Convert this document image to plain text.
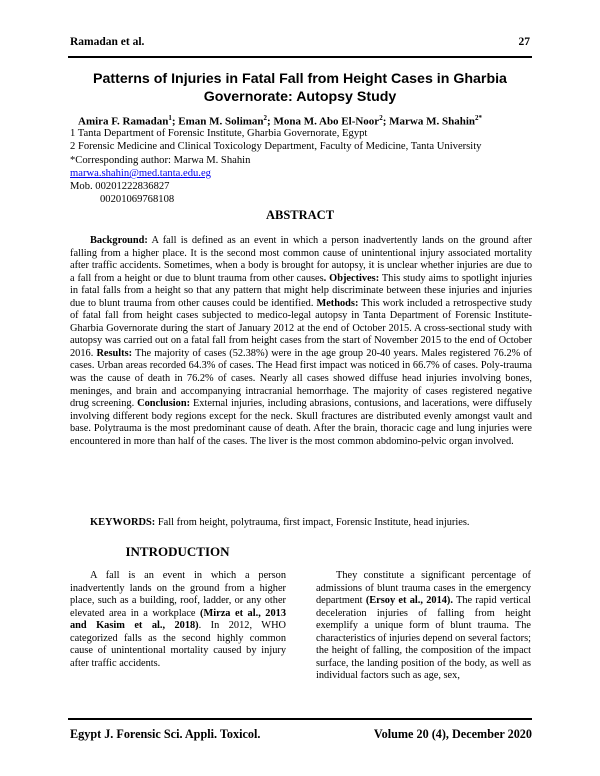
Ramadan et al.	27
Patterns of Injuries in Fatal Fall from Height Cases in Gharbia
Governorate: Autopsy Study
Amira F. Ramadan$^1$; Eman M. Soliman$^2$; Mona M. Abo El-Noor$^2$; Marwa M. Shahin$^{2*}$
1 Tanta Department of Forensic Institute, Gharbia Governorate, Egypt
2 Forensic Medicine and Clinical Toxicology Department, Faculty of Medicine, Tanta University
*Corresponding author: Marwa M. Shahin
marwa.shahin@med.tanta.edu.eg
Mob. 00201222836827
00201069768108
ABSTRACT

Background: A fall is defined as an event in which a person inadvertently lands on the ground after falling from a higher place. It is the second most common cause of unintentional injury associated mortality after traffic accidents. Sometimes, when a body is brought for autopsy, it is unclear whether injuries are due to a fall from a height or due to blunt trauma from other causes. Objectives: This study aims to spotlight injuries in fatal falls from a height so that any pattern that might help discriminate between these injuries and injuries due to blunt trauma from other causes could be identified. Methods: This work included a retrospective study of fatal fall from height cases subjected to medico-legal autopsy in Tanta Department of Forensic Institute- Gharbia Governorate during the start of January 2012 at the end of October 2015. A cross-sectional study with autopsy was carried out on a fatal fall from height cases from the start of November 2015 to the end of October 2016. Results: The majority of cases (52.38%) were in the age group 20-40 years. Males registered 76.2% of cases. Urban areas recorded 64.3% of cases. The Head first impact was noticed in 66.7% of cases. Poly-trauma was the cause of death in 76.2% of cases. Nearly all cases showed diffuse head injuries involving bones, meninges, and brain and accompanying intracranial hemorrhage. The majority of cases registered negative drug screening. Conclusion: External injuries, including abrasions, contusions, and lacerations, were diffusely involving different body regions except for the neck. Skull fractures are distributed evenly amongst vault and base. Polytrauma is the most predominant cause of death. After the brain, thoracic cage and lung injuries were encountered in more than half of the cases. The liver is the most common abdomino-pelvic organ involved.

KEYWORDS: Fall from height, polytrauma, first impact, Forensic Institute, head injuries.
INTRODUCTION

A fall is an event in which a person inadvertently lands on the ground from a higher place, such as a building, roof, ladder, or any other elevated area in a workplace (Mirza et al., 2013 and Kasim et al., 2018). In 2012, WHO categorized falls as the second highly common cause of unintentional mortality caused by injury after traffic accidents.

They constitute a significant percentage of admissions of blunt trauma cases in the emergency department (Ersoy et al., 2014). The rapid vertical deceleration injuries of falling from height exemplify a unique form of blunt trauma. The characteristics of injuries depend on several factors; the height of falling, the composition of the impact surface, the landing position of the body, as well as individual factors such as age, sex,

Egypt J. Forensic Sci. Appli. Toxicol.	Volume 20 (4), December 2020
